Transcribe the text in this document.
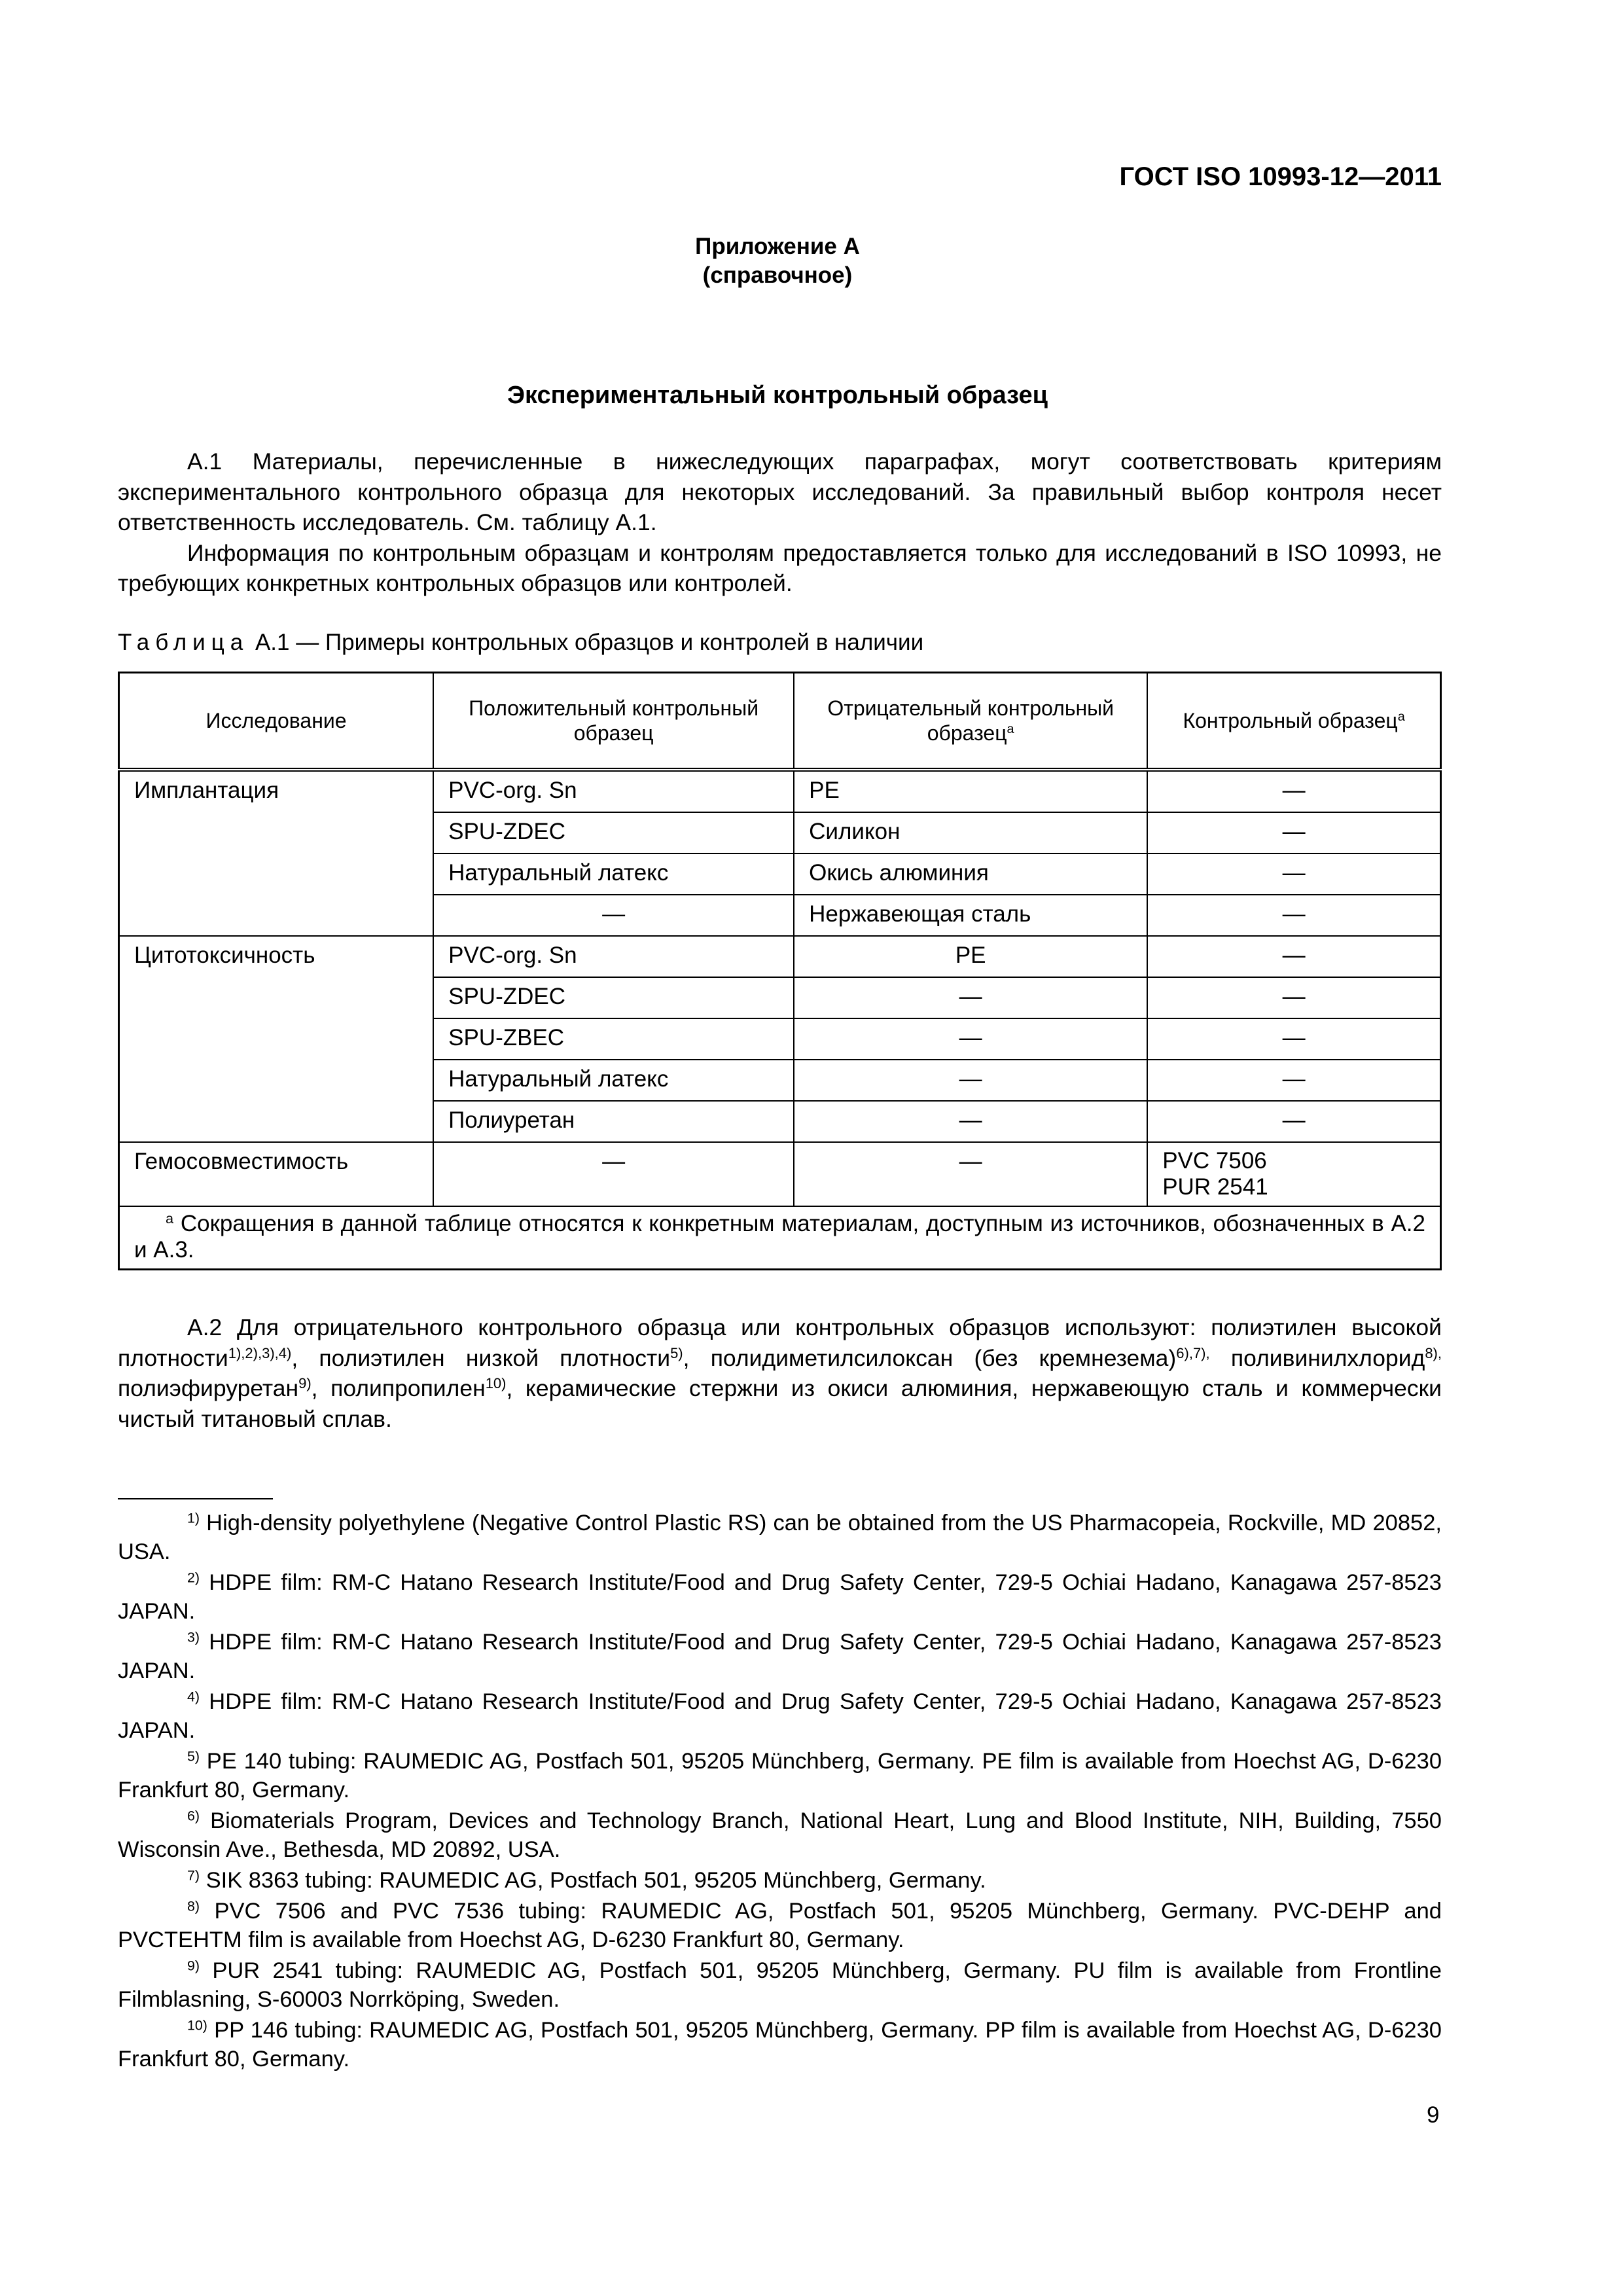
ГОСТ ISO 10993-12—2011
Приложение А
(справочное)
Экспериментальный контрольный образец

А.1 Материалы, перечисленные в нижеследующих параграфах, могут соответствовать критериям экспериментального контрольного образца для некоторых исследований. За правильный выбор контроля несет ответственность исследователь. См. таблицу А.1.

Информация по контрольным образцам и контролям предоставляется только для исследований в ISO 10993, не требующих конкретных контрольных образцов или контролей.

Таблица А.1 — Примеры контрольных образцов и контролей в наличии
Исследование	Положительный контрольный образец	Отрицательный контрольный образец$^a$	Контрольный образец$^a$
Имплантация	PVC-org. Sn	PE	—
	SPU-ZDEC	Силикон	—
	Натуральный латекс	Окись алюминия	—
	—	Нержавеющая сталь	—
Цитотоксичность	PVC-org. Sn	PE	—
	SPU-ZDEC	—	—
	SPU-ZBEC	—	—
	Натуральный латекс	—	—
	Полиуретан	—	—
Гемосовместимость	—	—	PVC 7506
PUR 2541

$^a$ Сокращения в данной таблице относятся к конкретным материалам, доступным из источников, обозначенных в А.2 и А.3.			

А.2 Для отрицательного контрольного образца или контрольных образцов используют: полиэтилен высокой плотности$^{1),2),3),4)}$, полиэтилен низкой плотности$^{5)}$, полидиметилсилоксан (без кремнезема)$^{6),7),}$ поливинилхлорид$^{8),}$ полиэфируретан$^{9)}$, полипропилен$^{10)}$, керамические стержни из окиси алюминия, нержавеющую сталь и коммерчески чистый титановый сплав.

$^{1)}$ High-density polyethylene (Negative Control Plastic RS) can be obtained from the US Pharmacopeia, Rockville, MD 20852, USA.

$^{2)}$ HDPE film: RM-C Hatano Research Institute/Food and Drug Safety Center, 729-5 Ochiai Hadano, Kanagawa 257-8523 JAPAN.

$^{3)}$ HDPE film: RM-C Hatano Research Institute/Food and Drug Safety Center, 729-5 Ochiai Hadano, Kanagawa 257-8523 JAPAN.

$^{4)}$ HDPE film: RM-C Hatano Research Institute/Food and Drug Safety Center, 729-5 Ochiai Hadano, Kanagawa 257-8523 JAPAN.

$^{5)}$ PE 140 tubing: RAUMEDIC AG, Postfach 501, 95205 Münchberg, Germany. PE film is available from Hoechst AG, D-6230 Frankfurt 80, Germany.

$^{6)}$ Biomaterials Program, Devices and Technology Branch, National Heart, Lung and Blood Institute, NIH, Building, 7550 Wisconsin Ave., Bethesda, MD 20892, USA.

$^{7)}$ SIK 8363 tubing: RAUMEDIC AG, Postfach 501, 95205 Münchberg, Germany.

$^{8)}$ PVC 7506 and PVC 7536 tubing: RAUMEDIC AG, Postfach 501, 95205 Münchberg, Germany. PVC-DEHP and PVCTEHTM film is available from Hoechst AG, D-6230 Frankfurt 80, Germany.

$^{9)}$ PUR 2541 tubing: RAUMEDIC AG, Postfach 501, 95205 Münchberg, Germany. PU film is available from Frontline Filmblasning, S-60003 Norrköping, Sweden.

$^{10)}$ PP 146 tubing: RAUMEDIC AG, Postfach 501, 95205 Münchberg, Germany. PP film is available from Hoechst AG, D-6230 Frankfurt 80, Germany.

9
